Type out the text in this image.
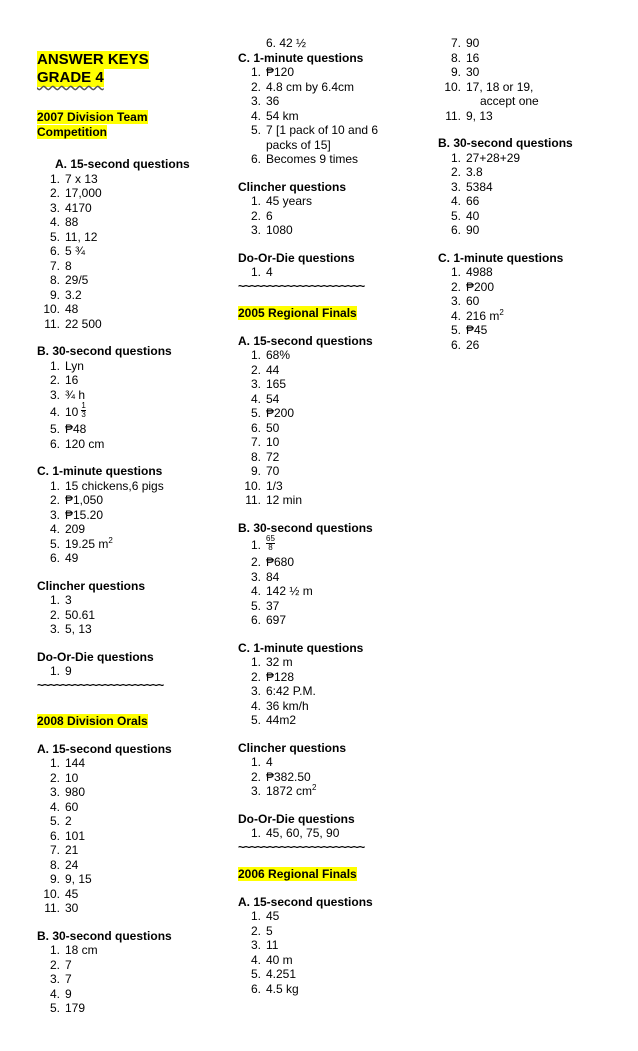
ANSWER KEYS
GRADE 4
2007 Division Team
Competition
A. 15-second questions
1. 7 x 13
2. 17,000
3. 4170
4. 88
5. 11, 12
6. 5 ¾
7. 8
8. 29/5
9. 3.2
10. 48
11. 22 500
B. 30-second questions
1. Lyn
2. 16
3. ¾ h
4. $10 \frac{1}{3}$
5. ₱48
6. 120 cm
C. 1-minute questions
1. 15 chickens,6 pigs
2. ₱1,050
3. ₱15.20
4. 209
5. 19.25 $m^2$
6. 49
Clincher questions
1. 3
2. 50.61
3. 5, 13
Do-Or-Die questions
1. 9
~~~~~~~~~~~~~~~~~~~~~
2008 Division Orals
A. 15-second questions
1. 144
2. 10
3. 980
4. 60
5. 2
6. 101
7. 21
8. 24
9. 9, 15
10. 45
11. 30
B. 30-second questions
1. 18 cm
2. 7
3. 7
4. 9
5. 179
6. 42 ½
C. 1-minute questions
1. ₱120
2. 4.8 cm by 6.4cm
3. 36
4. 54 km
5. 7 [1 pack of 10 and 6
packs of 15]
6. Becomes 9 times
Clincher questions
1. 45 years
2. 6
3. 1080
Do-Or-Die questions
1. 4
~~~~~~~~~~~~~~~~~~~~~
2005 Regional Finals
A. 15-second questions
1. 68%
2. 44
3. 165
4. 54
5. ₱200
6. 50
7. 10
8. 72
9. 70
10. 1/3
11. 12 min
B. 30-second questions
1. $\frac{65}{8}$
2. ₱680
3. 84
4. 142 ½ m
5. 37
6. 697
C. 1-minute questions
1. 32 m
2. ₱128
3. 6:42 P.M.
4. 36 km/h
5. 44m2
Clincher questions
1. 4
2. ₱382.50
3. 1872 $cm^2$
Do-Or-Die questions
1. 45, 60, 75, 90
~~~~~~~~~~~~~~~~~~~~~
2006 Regional Finals
A. 15-second questions
1. 45
2. 5
3. 11
4. 40 m
5. 4.251
6. 4.5 kg
7. 90
8. 16
9. 30
10. 17, 18 or 19,
accept one
11. 9, 13
B. 30-second questions
1. 27+28+29
2. 3.8
3. 5384
4. 66
5. 40
6. 90
C. 1-minute questions
1. 4988
2. ₱200
3. 60
4. 216 $m^2$
5. ₱45
6. 26
